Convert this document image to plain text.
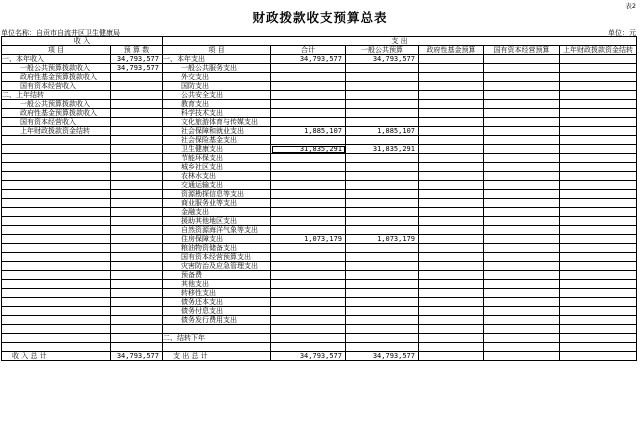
表2
财政拨款收支预算总表
单位名称：自贡市自流井区卫生健康局	单位：元
收 入	支 出
项 目	预 算 数	项 目	合计	一般公共预算	政府性基金预算	国有资本经营预算	上年财政拨款资金结转
一、本年收入	34,793,577 一、本年支出	34,793,577	34,793,577
一般公共预算拨款收入	34,793,577	一般公共服务支出
政府性基金预算拨款收入	外交支出
国有资本经营收入	国防支出
二、上年结转	公共安全支出
一般公共预算拨款收入	教育支出
政府性基金预算拨款收入	科学技术支出
国有资本经营收入	文化旅游体育与传媒支出
上年财政拨款资金结转	社会保障和就业支出	1,885,107	1,885,107
社会保险基金支出
卫生健康支出	31,835,291	31,835,291
节能环保支出
城乡社区支出
农林水支出
交通运输支出
资源勘探信息等支出
商业服务业等支出
金融支出
援助其他地区支出
自然资源海洋气象等支出
住房保障支出	1,073,179	1,073,179
粮油物资储备支出
国有资本经营预算支出
灾害防治及应急管理支出
预备费
其他支出
转移性支出
债务还本支出
债务付息支出
债务发行费用支出
二、结转下年
收 入 总 计	34,793,577	支 出 总 计	34,793,577	34,793,577
